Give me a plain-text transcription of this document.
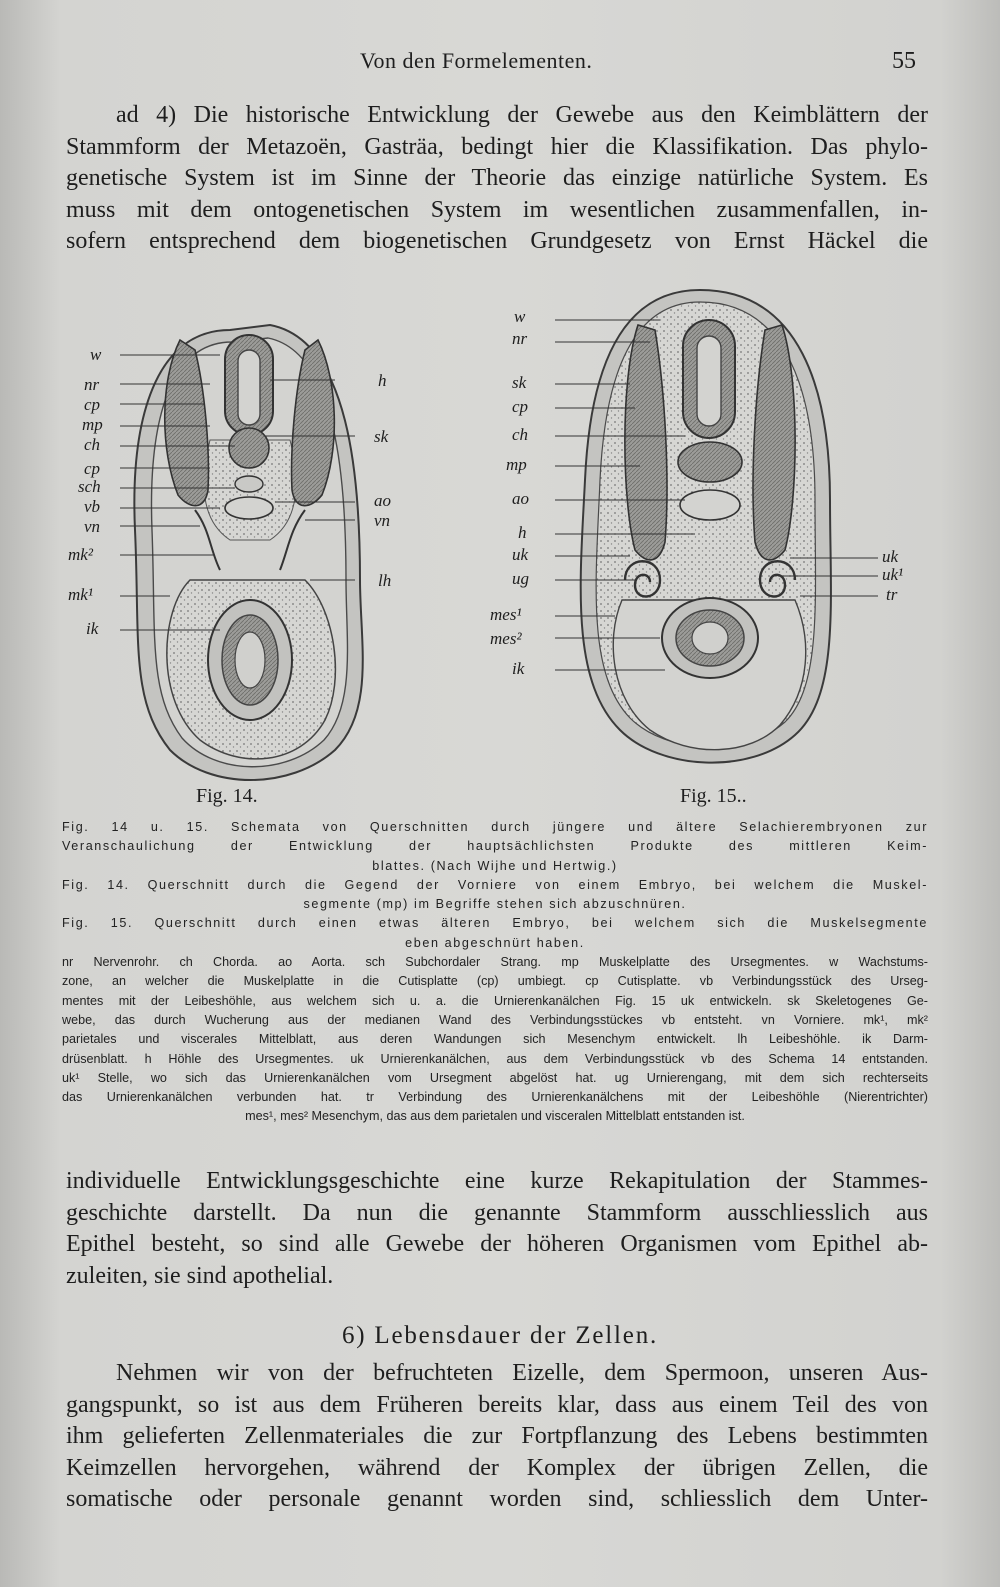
Von den Formelementen.	55
ad 4) Die historische Entwicklung der Gewebe aus den Keimblättern der
Stammform der Metazoën, Gasträa, bedingt hier die Klassifikation. Das phylo-
genetische System ist im Sinne der Theorie das einzige natürliche System. Es
muss mit dem ontogenetischen System im wesentlichen zusammenfallen, in-
sofern entsprechend dem biogenetischen Grundgesetz von Ernst Häckel die
w
nr
cp
mp
ch
cp
sch
vb
vn
mk²
mk¹
ik
h
sk
ao
vn
lh
w
nr
sk
cp
ch
mp
ao
h
uk
ug
mes¹
mes²
ik
uk
uk¹
tr
Fig. 14.	Fig. 15..
Fig. 14 u. 15. Schemata von Querschnitten durch jüngere und ältere Selachierembryonen zur
Veranschaulichung der Entwicklung der hauptsächlichsten Produkte des mittleren Keim-
blattes. (Nach Wijhe und Hertwig.)
Fig. 14. Querschnitt durch die Gegend der Vorniere von einem Embryo, bei welchem die Muskel-
segmente (mp) im Begriffe stehen sich abzuschnüren.
Fig. 15. Querschnitt durch einen etwas älteren Embryo, bei welchem sich die Muskelsegmente
eben abgeschnürt haben.
nr Nervenrohr. ch Chorda. ao Aorta. sch Subchordaler Strang. mp Muskelplatte des Ursegmentes. w Wachstums-
zone, an welcher die Muskelplatte in die Cutisplatte (cp) umbiegt. cp Cutisplatte. vb Verbindungsstück des Urseg-
mentes mit der Leibeshöhle, aus welchem sich u. a. die Urnierenkanälchen Fig. 15 uk entwickeln. sk Skeletogenes Ge-
webe, das durch Wucherung aus der medianen Wand des Verbindungsstückes vb entsteht. vn Vorniere. mk¹, mk²
parietales und viscerales Mittelblatt, aus deren Wandungen sich Mesenchym entwickelt. lh Leibeshöhle. ik Darm-
drüsenblatt. h Höhle des Ursegmentes. uk Urnierenkanälchen, aus dem Verbindungsstück vb des Schema 14 entstanden.
uk¹ Stelle, wo sich das Urnierenkanälchen vom Ursegment abgelöst hat. ug Urnierengang, mit dem sich rechterseits
das Urnierenkanälchen verbunden hat. tr Verbindung des Urnierenkanälchens mit der Leibeshöhle (Nierentrichter)
mes¹, mes² Mesenchym, das aus dem parietalen und visceralen Mittelblatt entstanden ist.
individuelle Entwicklungsgeschichte eine kurze Rekapitulation der Stammes-
geschichte darstellt. Da nun die genannte Stammform ausschliesslich aus
Epithel besteht, so sind alle Gewebe der höheren Organismen vom Epithel ab-
zuleiten, sie sind apothelial.
6) Lebensdauer der Zellen.
Nehmen wir von der befruchteten Eizelle, dem Spermoon, unseren Aus-
gangspunkt, so ist aus dem Früheren bereits klar, dass aus einem Teil des von
ihm gelieferten Zellenmateriales die zur Fortpflanzung des Lebens bestimmten
Keimzellen hervorgehen, während der Komplex der übrigen Zellen, die
somatische oder personale genannt worden sind, schliesslich dem Unter-
